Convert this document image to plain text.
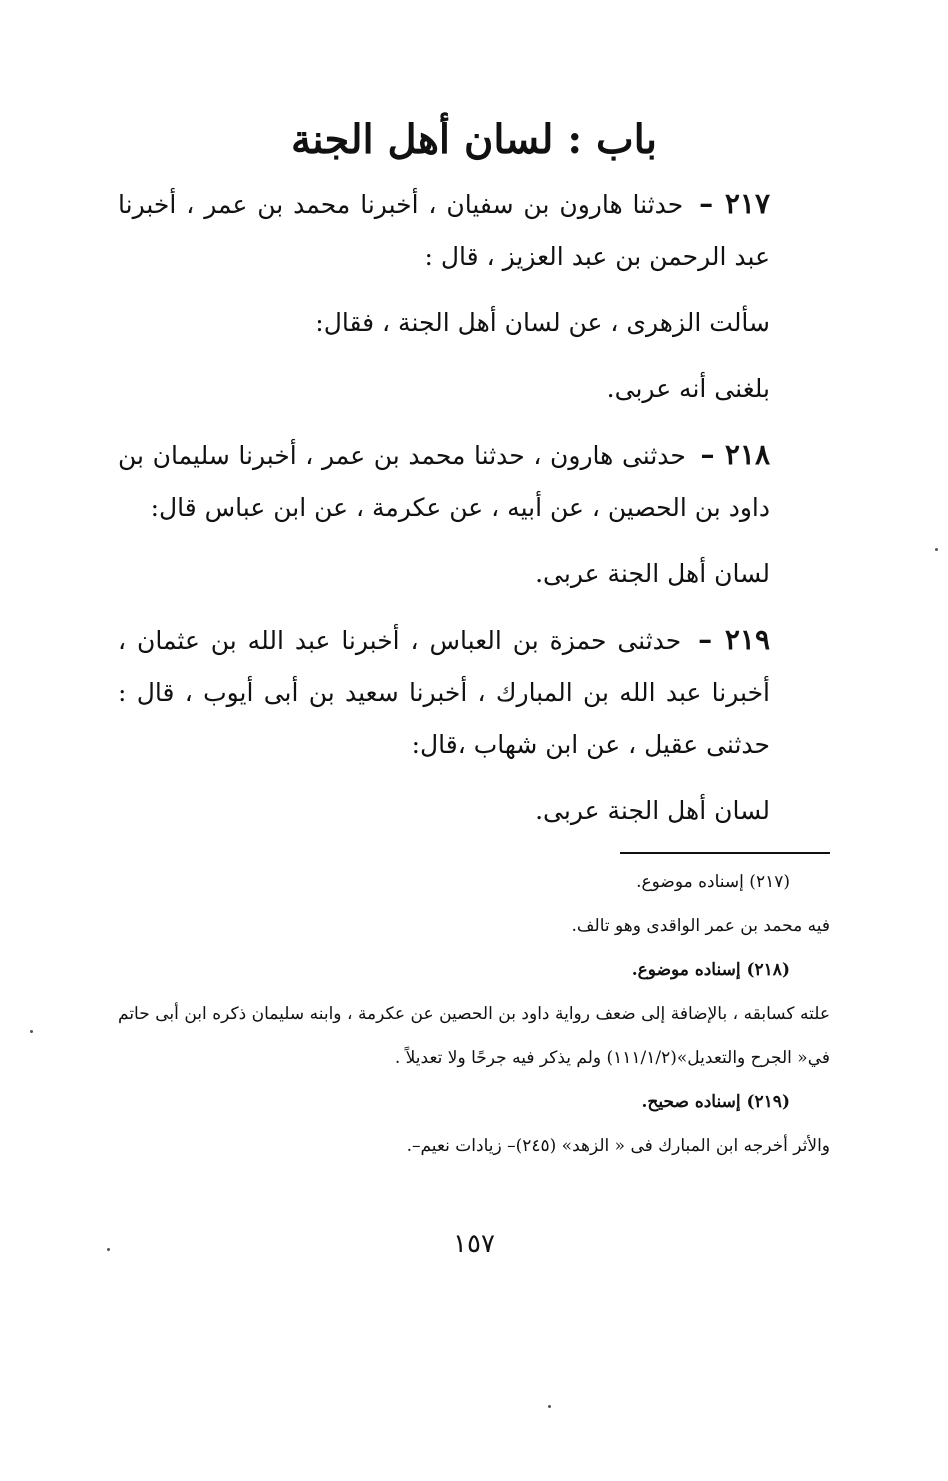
باب : لسان أهل الجنة

٢١٧ – حدثنا هارون بن سفيان ، أخبرنا محمد بن عمر ، أخبرنا عبد الرحمن بن عبد العزيز ، قال :

سألت الزهرى ، عن لسان أهل الجنة ، فقال:

بلغنى أنه عربى.

٢١٨ – حدثنى هارون ، حدثنا محمد بن عمر ، أخبرنا سليمان بن داود بن الحصين ، عن أبيه ، عن عكرمة ، عن ابن عباس قال:

لسان أهل الجنة عربى.

٢١٩ – حدثنى حمزة بن العباس ، أخبرنا عبد الله بن عثمان ، أخبرنا عبد الله بن المبارك ، أخبرنا سعيد بن أبى أيوب ، قال : حدثنى عقيل ، عن ابن شهاب ،قال:

لسان أهل الجنة عربى.

(٢١٧) إسناده موضوع.

فيه محمد بن عمر الواقدى وهو تالف.

(٢١٨) إسناده موضوع.

علته كسابقه ، بالإضافة إلى ضعف رواية داود بن الحصين عن عكرمة ، وابنه سليمان ذكره ابن أبى حاتم في« الجرح والتعديل»(١١١/١/٢) ولم يذكر فيه جرحًا ولا تعديلاً .

(٢١٩) إسناده صحيح.

والأثر أخرجه ابن المبارك فى « الزهد» (٢٤٥)– زيادات نعيم–.

١٥٧
